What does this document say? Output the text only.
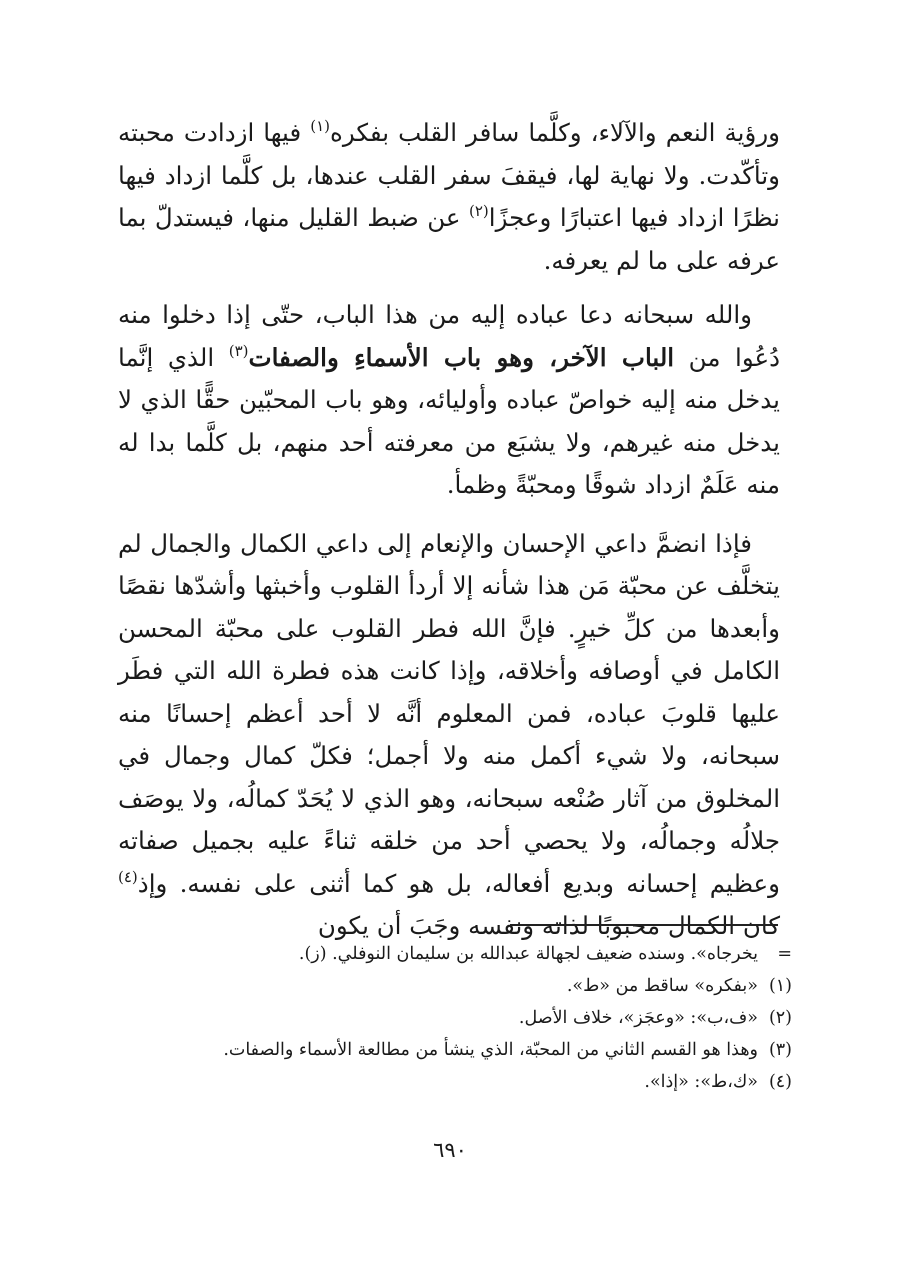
ورؤية النعم والآلاء، وكلَّما سافر القلب بفكره$^{(١)}$ فيها ازدادت محبته وتأكّدت. ولا نهاية لها، فيقفَ سفر القلب عندها، بل كلَّما ازداد فيها نظرًا ازداد فيها اعتبارًا وعجزًا$^{(٢)}$ عن ضبط القليل منها، فيستدلّ بما عرفه على ما لم يعرفه.

والله سبحانه دعا عباده إليه من هذا الباب، حتّى إذا دخلوا منه دُعُوا من الباب الآخر، وهو باب الأسماءِ والصفات$^{(٣)}$ الذي إنَّما يدخل منه إليه خواصّ عباده وأوليائه، وهو باب المحبّين حقًّا الذي لا يدخل منه غيرهم، ولا يشبَع من معرفته أحد منهم، بل كلَّما بدا له منه عَلَمٌ ازداد شوقًا ومحبّةً وظمأ.

فإذا انضمَّ داعي الإحسان والإنعام إلى داعي الكمال والجمال لم يتخلَّف عن محبّة مَن هذا شأنه إلا أردأ القلوب وأخبثها وأشدّها نقصًا وأبعدها من كلِّ خيرٍ. فإنَّ الله فطر القلوب على محبّة المحسن الكامل في أوصافه وأخلاقه، وإذا كانت هذه فطرة الله التي فطَر عليها قلوبَ عباده، فمن المعلوم أنَّه لا أحد أعظم إحسانًا منه سبحانه، ولا شيء أكمل منه ولا أجمل؛ فكلّ كمال وجمال في المخلوق من آثار صُنْعه سبحانه، وهو الذي لا يُحَدّ كمالُه، ولا يوصَف جلالُه وجمالُه، ولا يحصي أحد من خلقه ثناءً عليه بجميل صفاته وعظيم إحسانه وبديع أفعاله، بل هو كما أثنى على نفسه. وإذ$^{(٤)}$ كان الكمال محبوبًا لذاته ونفسه وجَبَ أن يكون

=
يخرجاه». وسنده ضعيف لجهالة عبدالله بن سليمان النوفلي. (ز).
(١)
«بفكره» ساقط من «ط».
(٢)
«ف،ب»: «وعجَز»، خلاف الأصل.
(٣)
وهذا هو القسم الثاني من المحبّة، الذي ينشأ من مطالعة الأسماء والصفات.
(٤)
«ك،ط»: «إذا».
٦٩٠
